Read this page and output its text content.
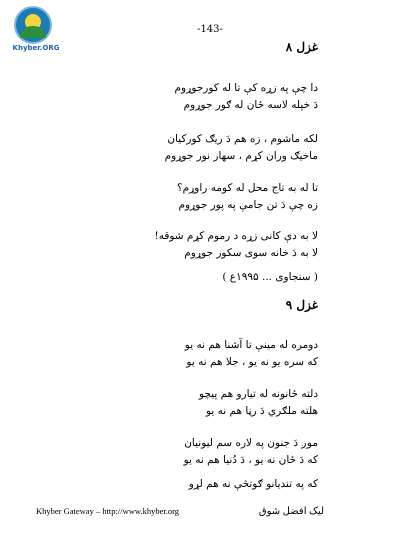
Khyber.ORG
-143-
غزل ۸
دا چې په زړه کې تا له کورجوړوم
دَ خپله لاسه ځان له ګور جوړوم
لکه ماشوم ، زه هم دَ ریګ کورکیان
ماخیګ وران کړم ، سهار نور جوړوم
تا له به تاج محل له کومه راوړم؟
زه چې دَ تن جامې په پور جوړوم
لا به دې کانی زړه د رموم کړم شوقه!
لا به دَ خانه سوی سکور جوړوم
( سنجاوی ... ۱۹۹۵ع )
غزل ۹
دومره له مینې تا آشنا هم نه یو
که سره یو نه یو ، جلا هم نه یو
دلته ځانونه له تیارو هم پیچو
هلته ملګري دَ رڼا هم نه یو
موږ دَ جنون په لاره سم لیونیان
که دَ ځان نه یو ، دَ دُنیا هم نه یو
که په تندیانو ګوتڅې نه هم لړو
Khyber Gateway – http://www.khyber.org	لیک افضل شوق
